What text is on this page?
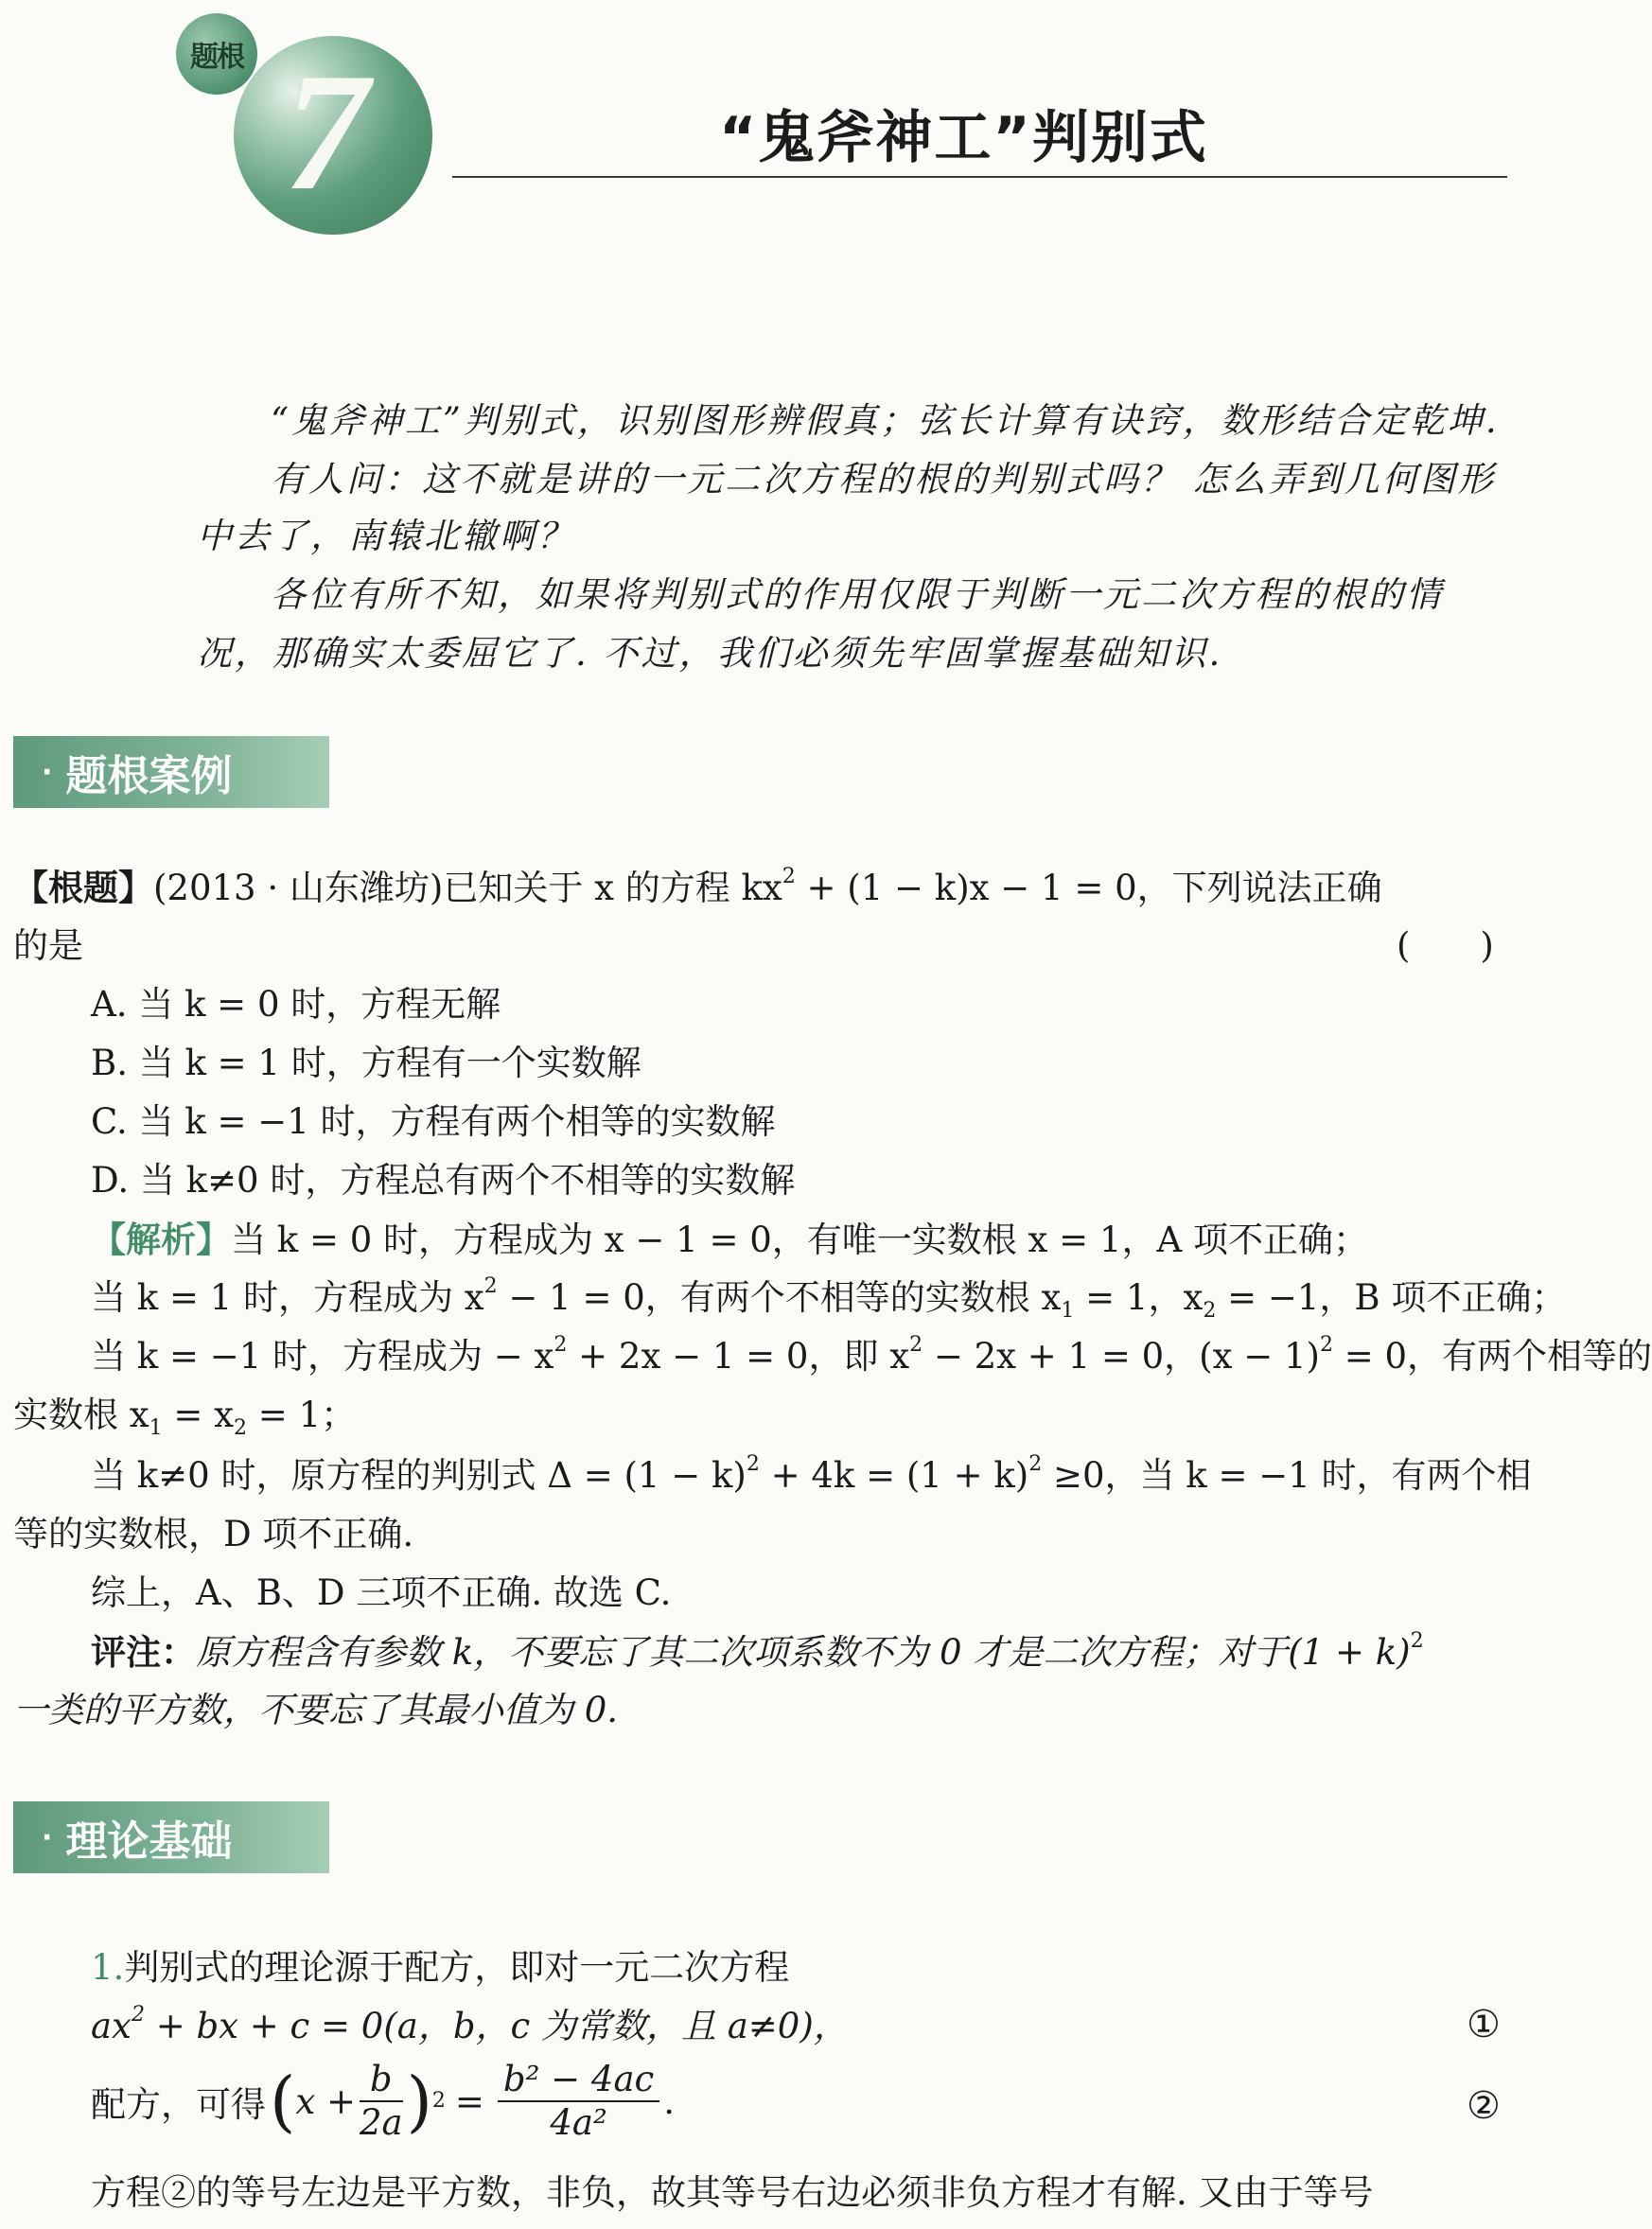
题根 7	“鬼斧神工”判别式
“鬼斧神工”判别式，识别图形辨假真；弦长计算有诀窍，数形结合定乾坤.
有人问：这不就是讲的一元二次方程的根的判别式吗？ 怎么弄到几何图形
中去了，南辕北辙啊？
各位有所不知，如果将判别式的作用仅限于判断一元二次方程的根的情
况，那确实太委屈它了. 不过，我们必须先牢固掌握基础知识.
· 题根案例
【根题】(2013 · 山东潍坊)已知关于 x 的方程 $kx^2 + (1 - k)x - 1 = 0$，下列说法正确
的是	(　　)
A. 当 k = 0 时，方程无解
B. 当 k = 1 时，方程有一个实数解
C. 当 k = −1 时，方程有两个相等的实数解
D. 当 k≠0 时，方程总有两个不相等的实数解
【解析】当 k = 0 时，方程成为 x − 1 = 0，有唯一实数根 x = 1，A 项不正确；
当 k = 1 时，方程成为 $x^2 - 1 = 0$，有两个不相等的实数根 $x_1 = 1$，$x_2 = -1$，B 项不正确；
当 k = −1 时，方程成为 − $x^2 + 2x - 1 = 0$，即 $x^2 - 2x + 1 = 0$，$(x - 1)^2 = 0$，有两个相等的
实数根 $x_1 = x_2 = 1$；
当 k≠0 时，原方程的判别式 $\Delta = (1 - k)^2 + 4k = (1 + k)^2 \ge 0$，当 k = −1 时，有两个相
等的实数根，D 项不正确.
综上，A、B、D 三项不正确. 故选 C.
评注：原方程含有参数 k，不要忘了其二次项系数不为 0 才是二次方程；对于$(1 + k)^2$
一类的平方数，不要忘了其最小值为 0.
· 理论基础
1.判别式的理论源于配方，即对一元二次方程
$ax^2$ + bx + c = 0(a，b，c 为常数，且 a≠0)，	①
配方，可得 ( $x + \frac{b}{2a}$ ) $2 = \frac{\text{b² − 4ac}}{\text{4a²}}$ .	②
方程②的等号左边是平方数，非负，故其等号右边必须非负方程才有解. 又由于等号
